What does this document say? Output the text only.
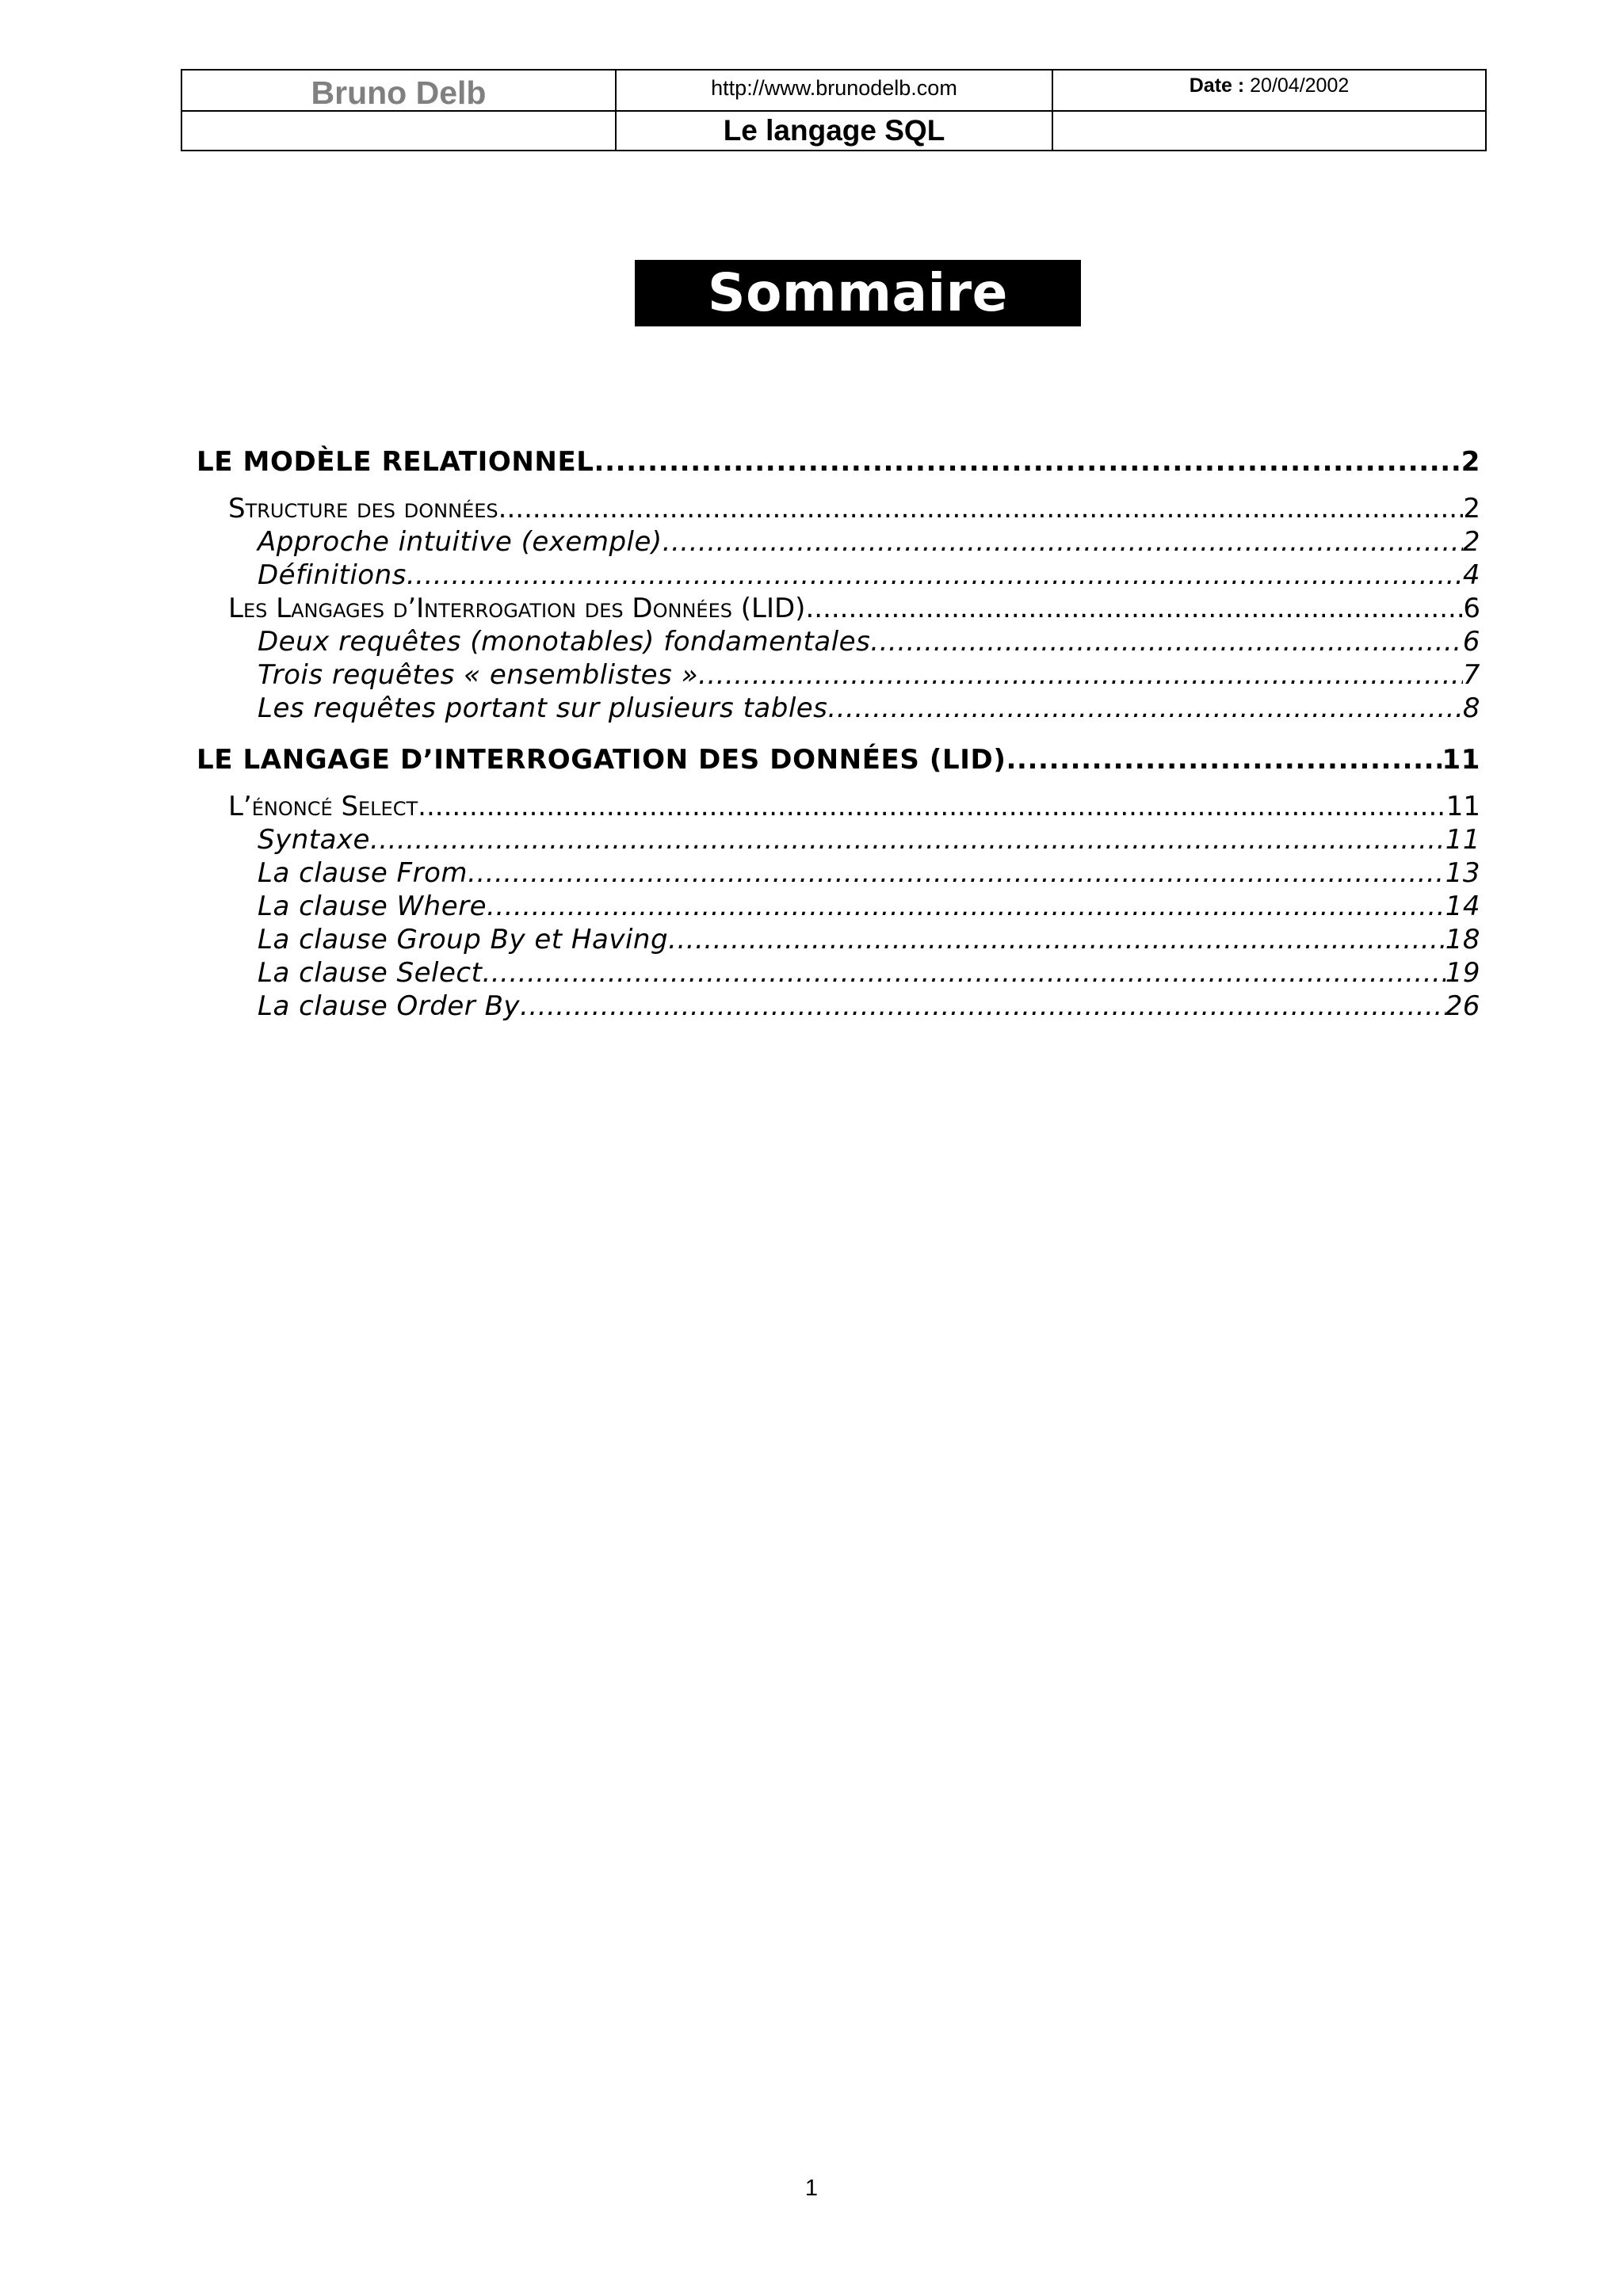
Bruno Delb	http://www.brunodelb.com	Date : 20/04/2002
Le langage SQL
Sommaire
LE MODÈLE RELATIONNEL .....	2
Structure des données .....	2
Approche intuitive (exemple) .....	2
Définitions .....	4
Les Langages d’Interrogation des Données (LID) .....	6
Deux requêtes (monotables) fondamentales .....	6
Trois requêtes « ensemblistes » .....	7
Les requêtes portant sur plusieurs tables .....	8
LE LANGAGE D’INTERROGATION DES DONNÉES (LID) .....	11
L’énoncé Select .....	11
Syntaxe .....	11
La clause From .....	13
La clause Where .....	14
La clause Group By et Having .....	18
La clause Select .....	19
La clause Order By .....	26
1
